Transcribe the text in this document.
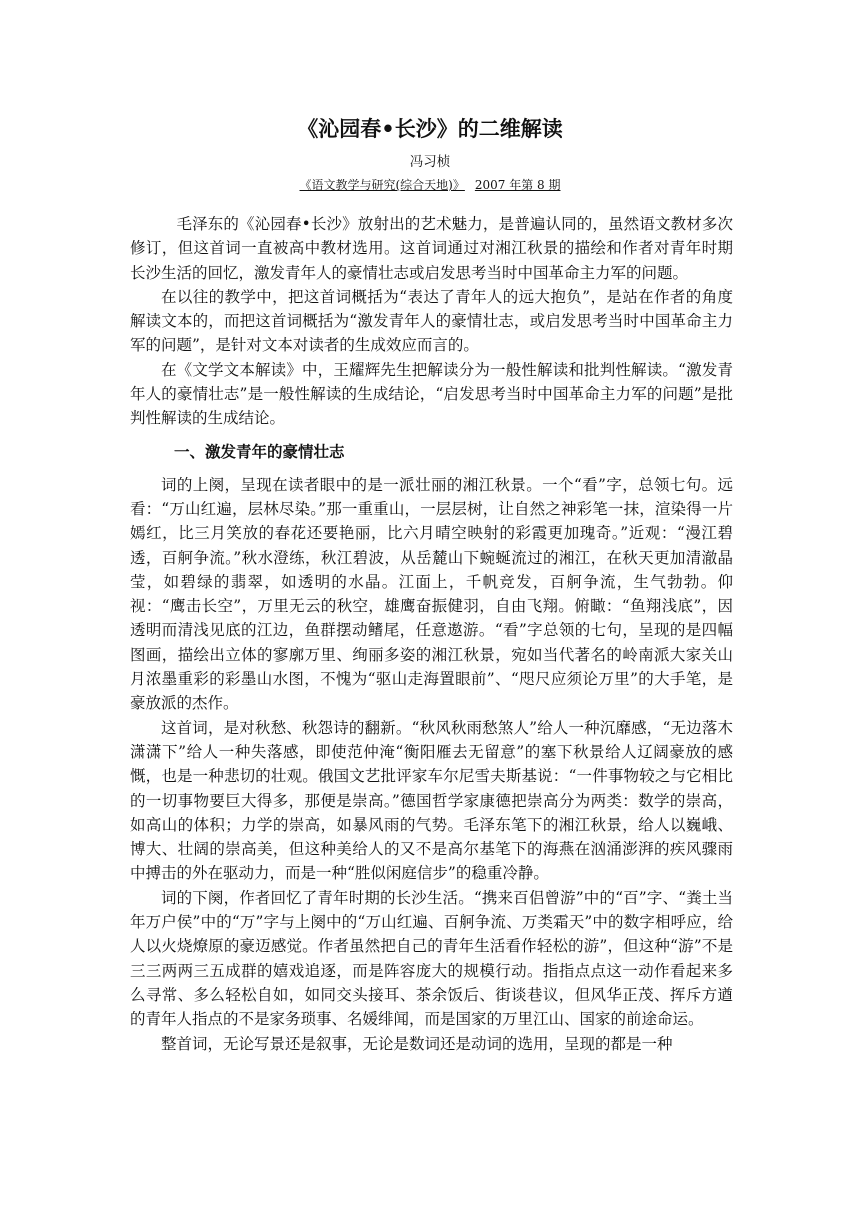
《沁园春•长沙》的二维解读
冯习桢
《语文教学与研究(综合天地)》 2007 年第 8 期

毛泽东的《沁园春•长沙》放射出的艺术魅力，是普遍认同的，虽然语文教材多次修订，但这首词一直被高中教材选用。这首词通过对湘江秋景的描绘和作者对青年时期长沙生活的回忆，激发青年人的豪情壮志或启发思考当时中国革命主力军的问题。

在以往的教学中，把这首词概括为“表达了青年人的远大抱负”，是站在作者的角度解读文本的，而把这首词概括为“激发青年人的豪情壮志，或启发思考当时中国革命主力军的问题”，是针对文本对读者的生成效应而言的。

在《文学文本解读》中，王耀辉先生把解读分为一般性解读和批判性解读。“激发青年人的豪情壮志”是一般性解读的生成结论，“启发思考当时中国革命主力军的问题”是批判性解读的生成结论。

一、激发青年的豪情壮志

词的上阕，呈现在读者眼中的是一派壮丽的湘江秋景。一个“看”字，总领七句。远看：“万山红遍，层林尽染。”那一重重山，一层层树，让自然之神彩笔一抹，渲染得一片嫣红，比三月笑放的春花还要艳丽，比六月晴空映射的彩霞更加瑰奇。”近观：“漫江碧透，百舸争流。”秋水澄练，秋江碧波，从岳麓山下蜿蜒流过的湘江，在秋天更加清澈晶莹，如碧绿的翡翠，如透明的水晶。江面上，千帆竞发，百舸争流，生气勃勃。仰视：“鹰击长空”，万里无云的秋空，雄鹰奋振健羽，自由飞翔。俯瞰：“鱼翔浅底”，因透明而清浅见底的江边，鱼群摆动鳍尾，任意遨游。“看”字总领的七句，呈现的是四幅图画，描绘出立体的寥廓万里、绚丽多姿的湘江秋景，宛如当代著名的岭南派大家关山月浓墨重彩的彩墨山水图，不愧为“驱山走海置眼前”、“咫尺应须论万里”的大手笔，是豪放派的杰作。

这首词，是对秋愁、秋怨诗的翻新。“秋风秋雨愁煞人”给人一种沉靡感，“无边落木潇潇下”给人一种失落感，即使范仲淹“衡阳雁去无留意”的塞下秋景给人辽阔豪放的感慨，也是一种悲切的壮观。俄国文艺批评家车尔尼雪夫斯基说：“一件事物较之与它相比的一切事物要巨大得多，那便是崇高。”德国哲学家康德把崇高分为两类：数学的崇高，如高山的体积；力学的崇高，如暴风雨的气势。毛泽东笔下的湘江秋景，给人以巍峨、博大、壮阔的崇高美，但这种美给人的又不是高尔基笔下的海燕在汹涌澎湃的疾风骤雨中搏击的外在驱动力，而是一种“胜似闲庭信步”的稳重冷静。

词的下阕，作者回忆了青年时期的长沙生活。“携来百侣曾游”中的“百”字、“粪土当年万户侯”中的“万”字与上阕中的“万山红遍、百舸争流、万类霜天”中的数字相呼应，给人以火烧燎原的豪迈感觉。作者虽然把自己的青年生活看作轻松的游”，但这种“游”不是三三两两三五成群的嬉戏追逐，而是阵容庞大的规模行动。指指点点这一动作看起来多么寻常、多么轻松自如，如同交头接耳、茶余饭后、街谈巷议，但风华正茂、挥斥方遒的青年人指点的不是家务琐事、名媛绯闻，而是国家的万里江山、国家的前途命运。

整首词，无论写景还是叙事，无论是数词还是动词的选用，呈现的都是一种
